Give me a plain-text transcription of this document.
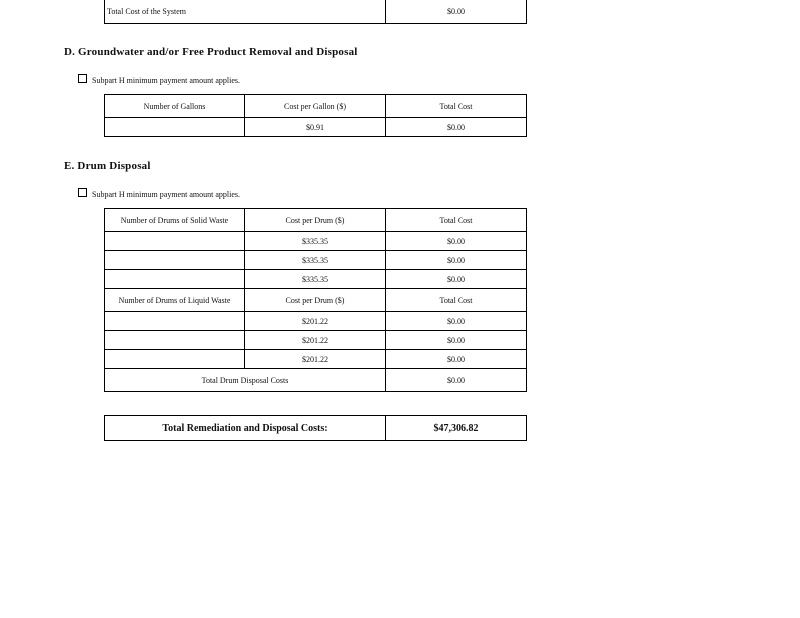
Total Cost of the System	$0.00
D. Groundwater and/or Free Product Removal and Disposal
Subpart H minimum payment amount applies.
Number of Gallons	Cost per Gallon ($)	Total Cost
	$0.91	$0.00
E. Drum Disposal
Subpart H minimum payment amount applies.
Number of Drums of Solid Waste	Cost per Drum ($)	Total Cost
	$335.35	$0.00
	$335.35	$0.00
	$335.35	$0.00
Number of Drums of Liquid Waste	Cost per Drum ($)	Total Cost
	$201.22	$0.00
	$201.22	$0.00
	$201.22	$0.00
Total Drum Disposal Costs		$0.00
Total Remediation and Disposal Costs:	$47,306.82
